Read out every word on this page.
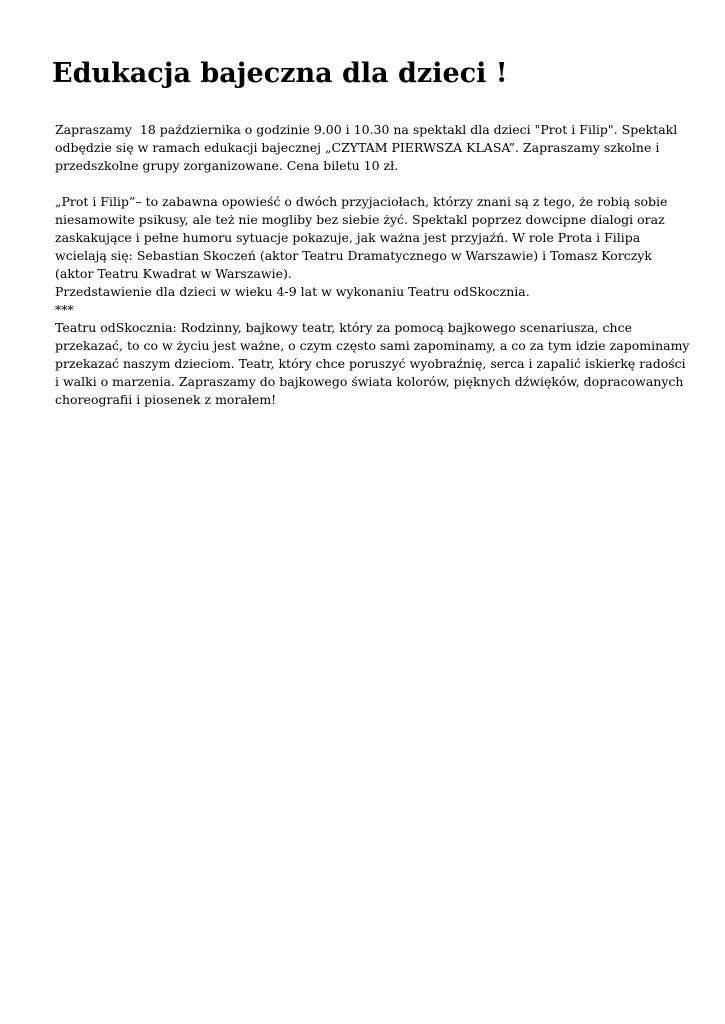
Edukacja bajeczna dla dzieci !
Zapraszamy  18 października o godzinie 9.00 i 10.30 na spektakl dla dzieci "Prot i Filip". Spektakl
odbędzie się w ramach edukacji bajecznej „CZYTAM PIERWSZA KLASA”. Zapraszamy szkolne i
przedszkolne grupy zorganizowane. Cena biletu 10 zł.
„Prot i Filip”– to zabawna opowieść o dwóch przyjaciołach, którzy znani są z tego, że robią sobie
niesamowite psikusy, ale też nie mogliby bez siebie żyć. Spektakl poprzez dowcipne dialogi oraz
zaskakujące i pełne humoru sytuacje pokazuje, jak ważna jest przyjaźń. W role Prota i Filipa
wcielają się: Sebastian Skoczeń (aktor Teatru Dramatycznego w Warszawie) i Tomasz Korczyk
(aktor Teatru Kwadrat w Warszawie).
Przedstawienie dla dzieci w wieku 4-9 lat w wykonaniu Teatru odSkocznia.
***
Teatru odSkocznia: Rodzinny, bajkowy teatr, który za pomocą bajkowego scenariusza, chce
przekazać, to co w życiu jest ważne, o czym często sami zapominamy, a co za tym idzie zapominamy
przekazać naszym dzieciom. Teatr, który chce poruszyć wyobraźnię, serca i zapalić iskierkę radości
i walki o marzenia. Zapraszamy do bajkowego świata kolorów, pięknych dźwięków, dopracowanych
choreografii i piosenek z morałem!
